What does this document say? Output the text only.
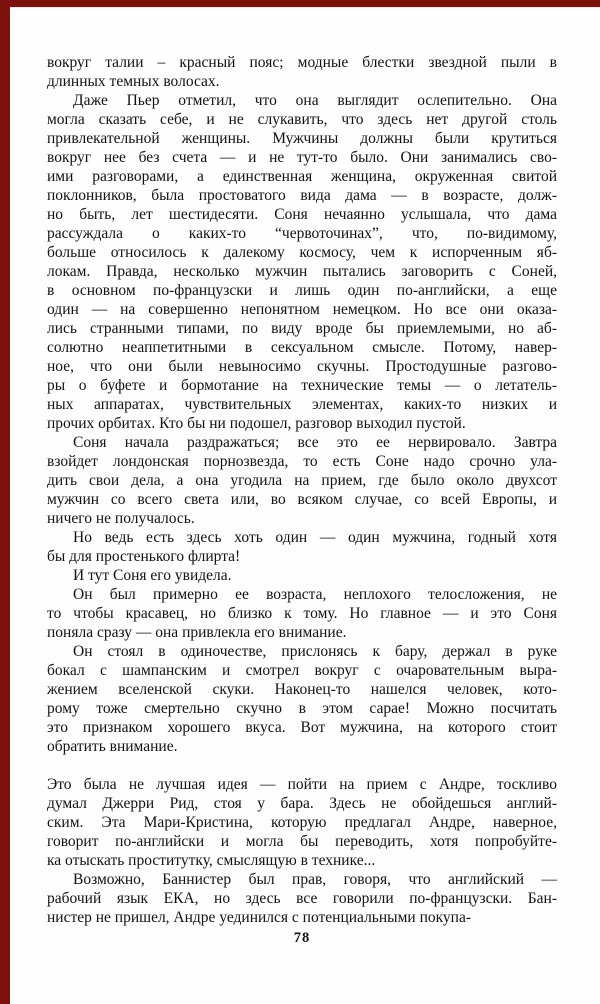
вокруг талии – красный пояс; модные блестки звездной пыли в
длинных темных волосах.
Даже Пьер отметил, что она выглядит ослепительно. Она
могла сказать себе, и не слукавить, что здесь нет другой столь
привлекательной женщины. Мужчины должны были крутиться
вокруг нее без счета — и не тут-то было. Они занимались сво-
ими разговорами, а единственная женщина, окруженная свитой
поклонников, была простоватого вида дама — в возрасте, долж-
но быть, лет шестидесяти. Соня нечаянно услышала, что дама
рассуждала о каких-то “червоточинах”, что, по-видимому,
больше относилось к далекому космосу, чем к испорченным яб-
локам. Правда, несколько мужчин пытались заговорить с Соней,
в основном по-французски и лишь один по-английски, а еще
один — на совершенно непонятном немецком. Но все они оказа-
лись странными типами, по виду вроде бы приемлемыми, но аб-
солютно неаппетитными в сексуальном смысле. Потому, навер-
ное, что они были невыносимо скучны. Простодушные разгово-
ры о буфете и бормотание на технические темы — о летатель-
ных аппаратах, чувствительных элементах, каких-то низких и
прочих орбитах. Кто бы ни подошел, разговор выходил пустой.
Соня начала раздражаться; все это ее нервировало. Завтра
взойдет лондонская порнозвезда, то есть Соне надо срочно ула-
дить свои дела, а она угодила на прием, где было около двухсот
мужчин со всего света или, во всяком случае, со всей Европы, и
ничего не получалось.
Но ведь есть здесь хоть один — один мужчина, годный хотя
бы для простенького флирта!
И тут Соня его увидела.
Он был примерно ее возраста, неплохого телосложения, не
то чтобы красавец, но близко к тому. Но главное — и это Соня
поняла сразу — она привлекла его внимание.
Он стоял в одиночестве, прислонясь к бару, держал в руке
бокал с шампанским и смотрел вокруг с очаровательным выра-
жением вселенской скуки. Наконец-то нашелся человек, кото-
рому тоже смертельно скучно в этом сарае! Можно посчитать
это признаком хорошего вкуса. Вот мужчина, на которого стоит
обратить внимание.
Это была не лучшая идея — пойти на прием с Андре, тоскливо
думал Джерри Рид, стоя у бара. Здесь не обойдешься англий-
ским. Эта Мари-Кристина, которую предлагал Андре, наверное,
говорит по-английски и могла бы переводить, хотя попробуйте-
ка отыскать проститутку, смыслящую в технике...
Возможно, Баннистер был прав, говоря, что английский —
рабочий язык ЕКА, но здесь все говорили по-французски. Бан-
нистер не пришел, Андре уединился с потенциальными покупа-
78
